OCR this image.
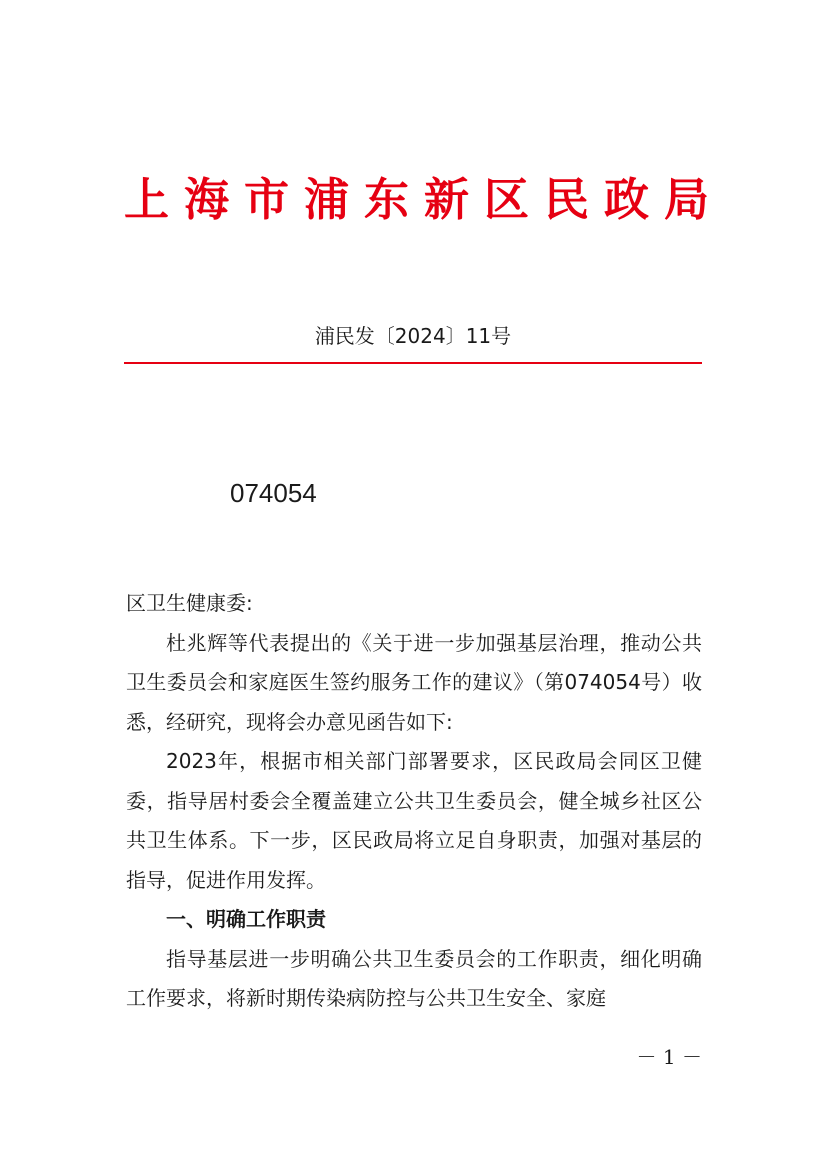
上海市浦东新区民政局
浦民发〔2024〕11号
074054

区卫生健康委:

杜兆辉等代表提出的《关于进一步加强基层治理，推动公共卫生委员会和家庭医生签约服务工作的建议》（第074054号）收悉，经研究，现将会办意见函告如下:

2023年，根据市相关部门部署要求，区民政局会同区卫健委，指导居村委会全覆盖建立公共卫生委员会，健全城乡社区公共卫生体系。下一步，区民政局将立足自身职责，加强对基层的指导，促进作用发挥。

一、明确工作职责

指导基层进一步明确公共卫生委员会的工作职责，细化明确工作要求，将新时期传染病防控与公共卫生安全、家庭

－ 1 －
